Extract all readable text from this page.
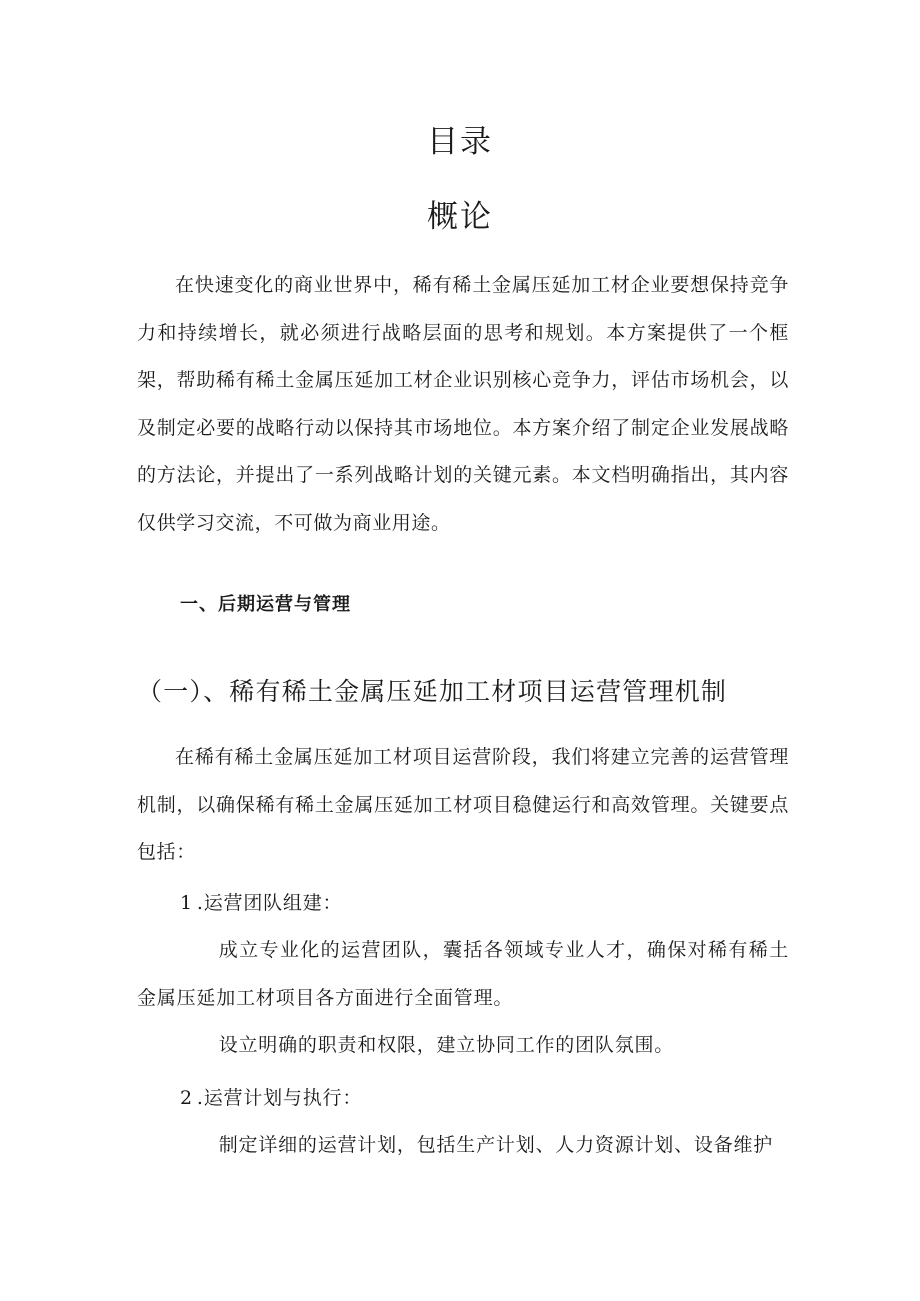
目录
概论

在快速变化的商业世界中，稀有稀土金属压延加工材企业要想保持竞争力和持续增长，就必须进行战略层面的思考和规划。本方案提供了一个框架，帮助稀有稀土金属压延加工材企业识别核心竞争力，评估市场机会，以及制定必要的战略行动以保持其市场地位。本方案介绍了制定企业发展战略的方法论，并提出了一系列战略计划的关键元素。本文档明确指出，其内容仅供学习交流，不可做为商业用途。

一、后期运营与管理
（一）、稀有稀土金属压延加工材项目运营管理机制

在稀有稀土金属压延加工材项目运营阶段，我们将建立完善的运营管理机制，以确保稀有稀土金属压延加工材项目稳健运行和高效管理。关键要点包括：

1 .运营团队组建：

成立专业化的运营团队，囊括各领域专业人才，确保对稀有稀土金属压延加工材项目各方面进行全面管理。

设立明确的职责和权限，建立协同工作的团队氛围。

2 .运营计划与执行：

制定详细的运营计划，包括生产计划、人力资源计划、设备维护
